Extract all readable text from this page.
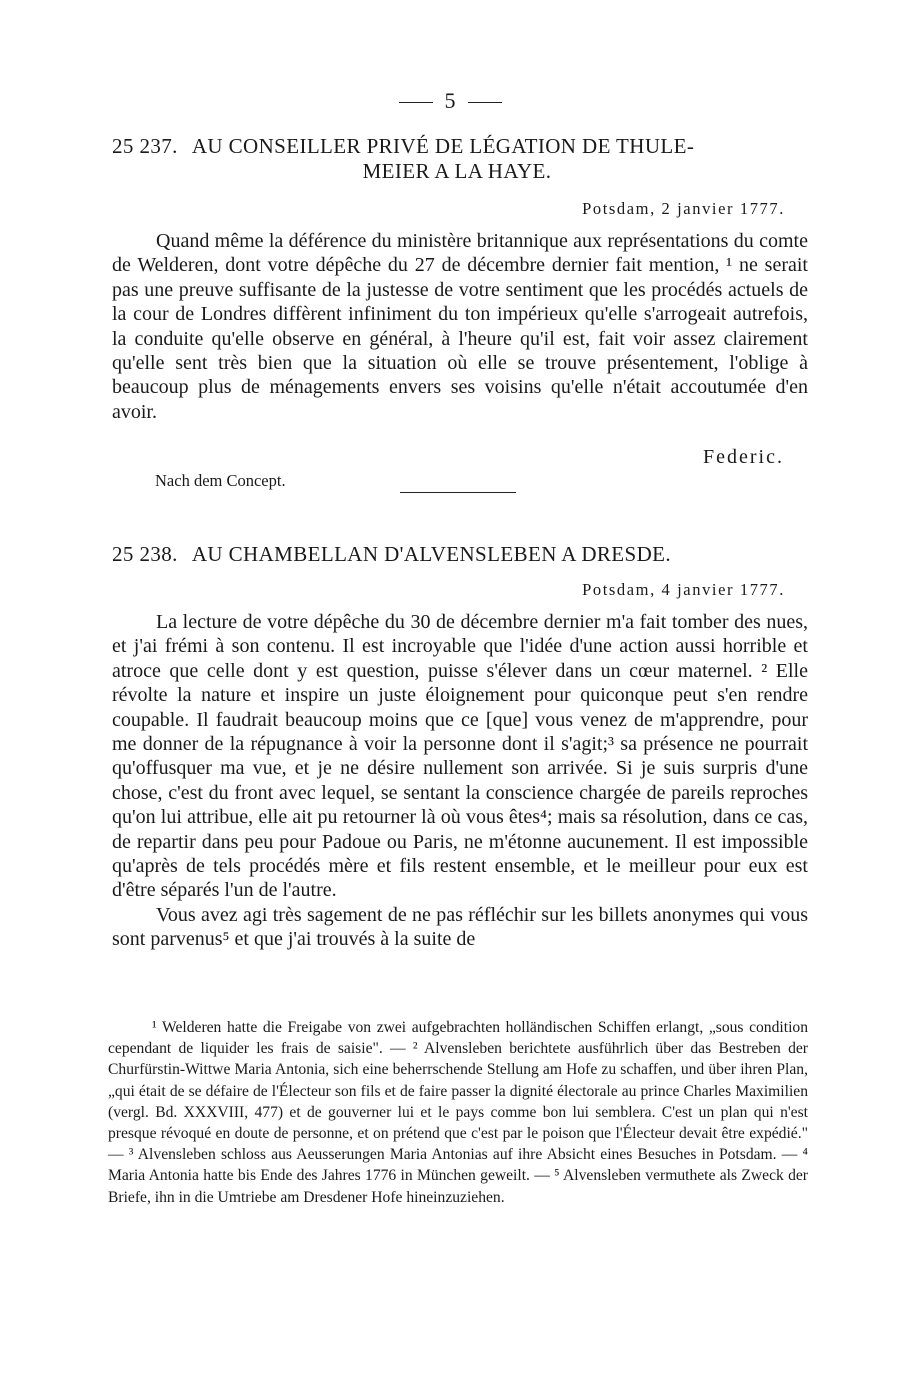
5
25 237. AU CONSEILLER PRIVÉ DE LÉGATION DE THULE-
MEIER A LA HAYE.
Potsdam, 2 janvier 1777.

Quand même la déférence du ministère britannique aux représentations du comte de Welderen, dont votre dépêche du 27 de décembre dernier fait mention, ¹ ne serait pas une preuve suffisante de la justesse de votre sentiment que les procédés actuels de la cour de Londres diffèrent infiniment du ton impérieux qu'elle s'arrogeait autrefois, la conduite qu'elle observe en général, à l'heure qu'il est, fait voir assez clairement qu'elle sent très bien que la situation où elle se trouve présentement, l'oblige à beaucoup plus de ménagements envers ses voisins qu'elle n'était accoutumée d'en avoir.

Federic.
Nach dem Concept.
25 238. AU CHAMBELLAN D'ALVENSLEBEN A DRESDE.
Potsdam, 4 janvier 1777.

La lecture de votre dépêche du 30 de décembre dernier m'a fait tomber des nues, et j'ai frémi à son contenu. Il est incroyable que l'idée d'une action aussi horrible et atroce que celle dont y est question, puisse s'élever dans un cœur maternel. ² Elle révolte la nature et inspire un juste éloignement pour quiconque peut s'en rendre coupable. Il faudrait beaucoup moins que ce [que] vous venez de m'apprendre, pour me donner de la répugnance à voir la personne dont il s'agit;³ sa présence ne pourrait qu'offusquer ma vue, et je ne désire nullement son arrivée. Si je suis surpris d'une chose, c'est du front avec lequel, se sentant la conscience chargée de pareils reproches qu'on lui attribue, elle ait pu retourner là où vous êtes⁴; mais sa résolution, dans ce cas, de repartir dans peu pour Padoue ou Paris, ne m'étonne aucunement. Il est impossible qu'après de tels procédés mère et fils restent ensemble, et le meilleur pour eux est d'être séparés l'un de l'autre.

Vous avez agi très sagement de ne pas réfléchir sur les billets anonymes qui vous sont parvenus⁵ et que j'ai trouvés à la suite de

¹ Welderen hatte die Freigabe von zwei aufgebrachten holländischen Schiffen erlangt, „sous condition cependant de liquider les frais de saisie". — ² Alvensleben berichtete ausführlich über das Bestreben der Churfürstin-Wittwe Maria Antonia, sich eine beherrschende Stellung am Hofe zu schaffen, und über ihren Plan, „qui était de se défaire de l'Électeur son fils et de faire passer la dignité électorale au prince Charles Maximilien (vergl. Bd. XXXVIII, 477) et de gouverner lui et le pays comme bon lui semblera. C'est un plan qui n'est presque révoqué en doute de personne, et on prétend que c'est par le poison que l'Électeur devait être expédié." — ³ Alvensleben schloss aus Aeusserungen Maria Antonias auf ihre Absicht eines Besuches in Potsdam. — ⁴ Maria Antonia hatte bis Ende des Jahres 1776 in München geweilt. — ⁵ Alvensleben vermuthete als Zweck der Briefe, ihn in die Umtriebe am Dresdener Hofe hineinzuziehen.
